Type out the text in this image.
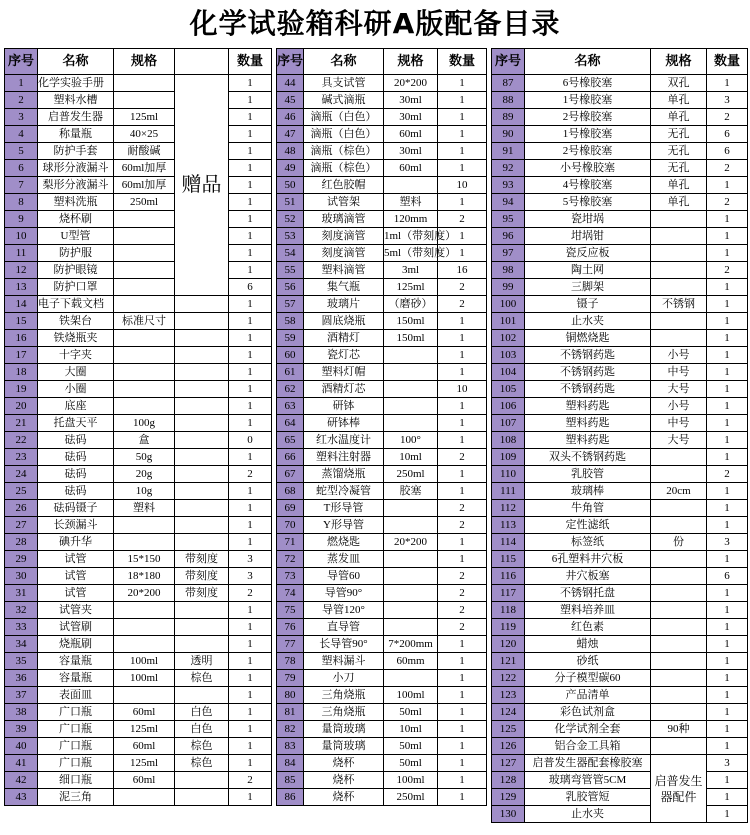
化学试验箱科研A版配备目录
序号	名称	规格		数量
1	化学实验手册		赠品	1
2	塑料水槽			1
3	启普发生器	125ml		1
4	称量瓶	40×25		1
5	防护手套	耐酸碱		1
6	球形分液漏斗	60ml加厚		1
7	梨形分液漏斗	60ml加厚		1
8	塑料洗瓶	250ml		1
9	烧杯刷			1
10	U型管			1
11	防护服			1
12	防护眼镜			1
13	防护口罩			6
14	电子下载文档			1
15	铁架台	标准尺寸		1
16	铁烧瓶夹			1
17	十字夹			1
18	大圈			1
19	小圈			1
20	底座			1
21	托盘天平	100g		1
22	砝码	盒		0
23	砝码	50g		1
24	砝码	20g		2
25	砝码	10g		1
26	砝码镊子	塑料		1
27	长颈漏斗			1
28	碘升华			1
29	试管	15*150	带刻度	3
30	试管	18*180	带刻度	3
31	试管	20*200	带刻度	2
32	试管夹			1
33	试管刷			1
34	烧瓶刷			1
35	容量瓶	100ml	透明	1
36	容量瓶	100ml	棕色	1
37	表面皿			1
38	广口瓶	60ml	白色	1
39	广口瓶	125ml	白色	1
40	广口瓶	60ml	棕色	1
41	广口瓶	125ml	棕色	1
42	细口瓶	60ml		2
43	泥三角			1
序号	名称	规格	数量
44	具支试管	20*200	1
45	碱式滴瓶	30ml	1
46	滴瓶（白色）	30ml	1
47	滴瓶（白色）	60ml	1
48	滴瓶（棕色）	30ml	1
49	滴瓶（棕色）	60ml	1
50	红色胶帽		10
51	试管架	塑料	1
52	玻璃滴管	120mm	2
53	刻度滴管	1ml（带刻度）	1
54	刻度滴管	5ml（带刻度）	1
55	塑料滴管	3ml	16
56	集气瓶	125ml	2
57	玻璃片	（磨砂）	2
58	圆底烧瓶	150ml	1
59	酒精灯	150ml	1
60	瓷灯芯		1
61	塑料灯帽		1
62	酒精灯芯		10
63	研钵		1
64	研钵棒		1
65	红水温度计	100°	1
66	塑料注射器	10ml	2
67	蒸馏烧瓶	250ml	1
68	蛇型冷凝管	胶塞	1
69	T形导管		2
70	Y形导管		2
71	燃烧匙	20*200	1
72	蒸发皿		1
73	导管60		2
74	导管90°		2
75	导管120°		2
76	直导管		2
77	长导管90°	7*200mm	1
78	塑料漏斗	60mm	1
79	小刀		1
80	三角烧瓶	100ml	1
81	三角烧瓶	50ml	1
82	量筒玻璃	10ml	1
83	量筒玻璃	50ml	1
84	烧杯	50ml	1
85	烧杯	100ml	1
86	烧杯	250ml	1
序号	名称	规格	数量
87	6号橡胶塞	双孔	1
88	1号橡胶塞	单孔	3
89	2号橡胶塞	单孔	2
90	1号橡胶塞	无孔	6
91	2号橡胶塞	无孔	6
92	小号橡胶塞	无孔	2
93	4号橡胶塞	单孔	1
94	5号橡胶塞	单孔	2
95	瓷坩埚		1
96	坩埚钳		1
97	瓷反应板		1
98	陶土网		2
99	三脚架		1
100	镊子	不锈钢	1
101	止水夹		1
102	铜燃烧匙		1
103	不锈钢药匙	小号	1
104	不锈钢药匙	中号	1
105	不锈钢药匙	大号	1
106	塑料药匙	小号	1
107	塑料药匙	中号	1
108	塑料药匙	大号	1
109	双头不锈钢药匙		1
110	乳胶管		2
111	玻璃棒	20cm	1
112	牛角管		1
113	定性滤纸		1
114	标签纸	份	3
115	6孔塑料井穴板		1
116	井穴板塞		6
117	不锈钢托盘		1
118	塑料培养皿		1
119	红色素		1
120	蜡烛		1
121	砂纸		1
122	分子模型碳60		1
123	产品清单		1
124	彩色试剂盒		1
125	化学试剂全套	90种	1
126	铝合金工具箱		1
127	启普发生器配套橡胶塞	启普发生器配件	3
128	玻璃弯管管5CM		1
129	乳胶管短		1
130	止水夹		1
